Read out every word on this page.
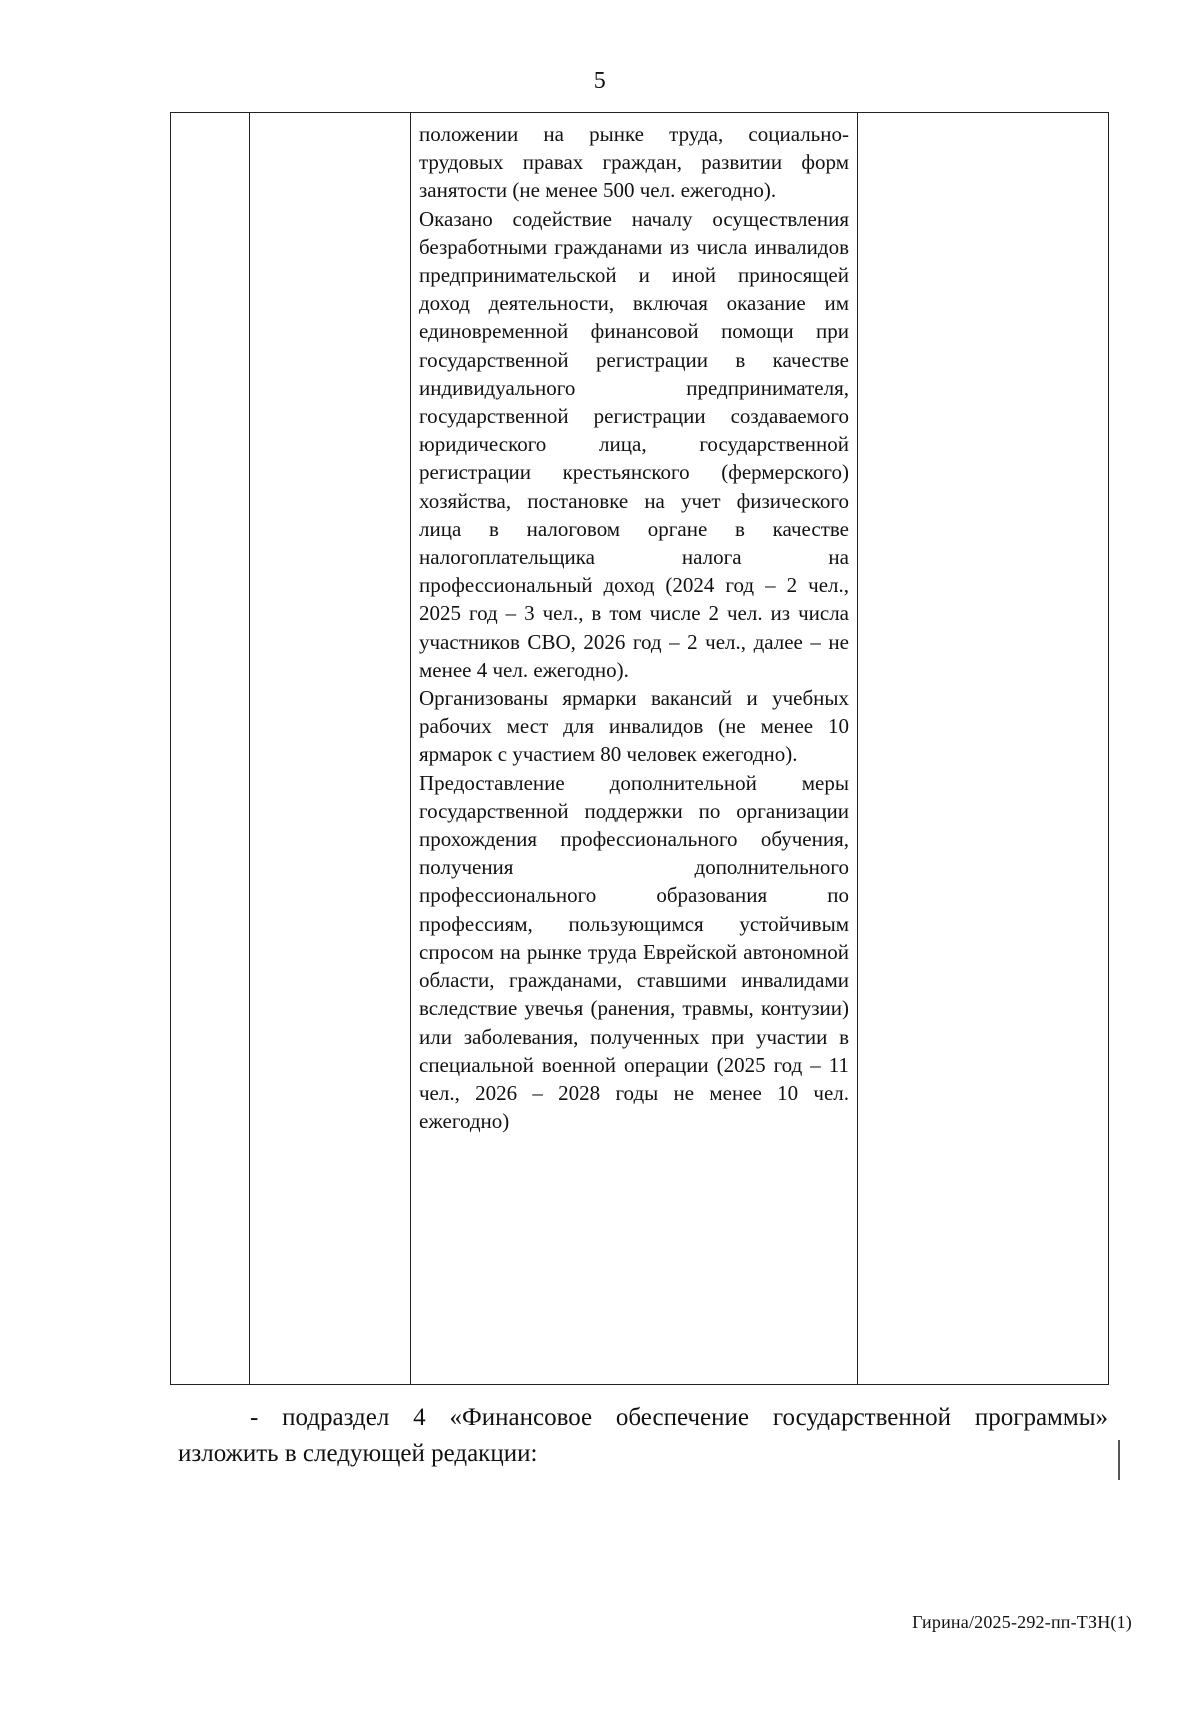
5

положении на рынке труда, социально-трудовых правах граждан, развитии форм занятости (не менее 500 чел. ежегодно).

Оказано содействие началу осуществления безработными гражданами из числа инвалидов предпринимательской и иной приносящей доход деятельности, включая оказание им единовременной финансовой помощи при государственной регистрации в качестве индивидуального предпринимателя, государственной регистрации создаваемого юридического лица, государственной регистрации крестьянского (фермерского) хозяйства, постановке на учет физического лица в налоговом органе в качестве налогоплательщика налога на профессиональный доход (2024 год – 2 чел., 2025 год – 3 чел., в том числе 2 чел. из числа участников СВО, 2026 год – 2 чел., далее – не менее 4 чел. ежегодно).

Организованы ярмарки вакансий и учебных рабочих мест для инвалидов (не менее 10 ярмарок с участием 80 человек ежегодно).

Предоставление дополнительной меры государственной поддержки по организации прохождения профессионального обучения, получения дополнительного профессионального образования по профессиям, пользующимся устойчивым спросом на рынке труда Еврейской автономной области, гражданами, ставшими инвалидами вследствие увечья (ранения, травмы, контузии) или заболевания, полученных при участии в специальной военной операции (2025 год – 11 чел., 2026 – 2028 годы не менее 10 чел. ежегодно)

- подраздел 4 «Финансовое обеспечение государственной программы» изложить в следующей редакции:
Гирина/2025-292-пп-ТЗН(1)
